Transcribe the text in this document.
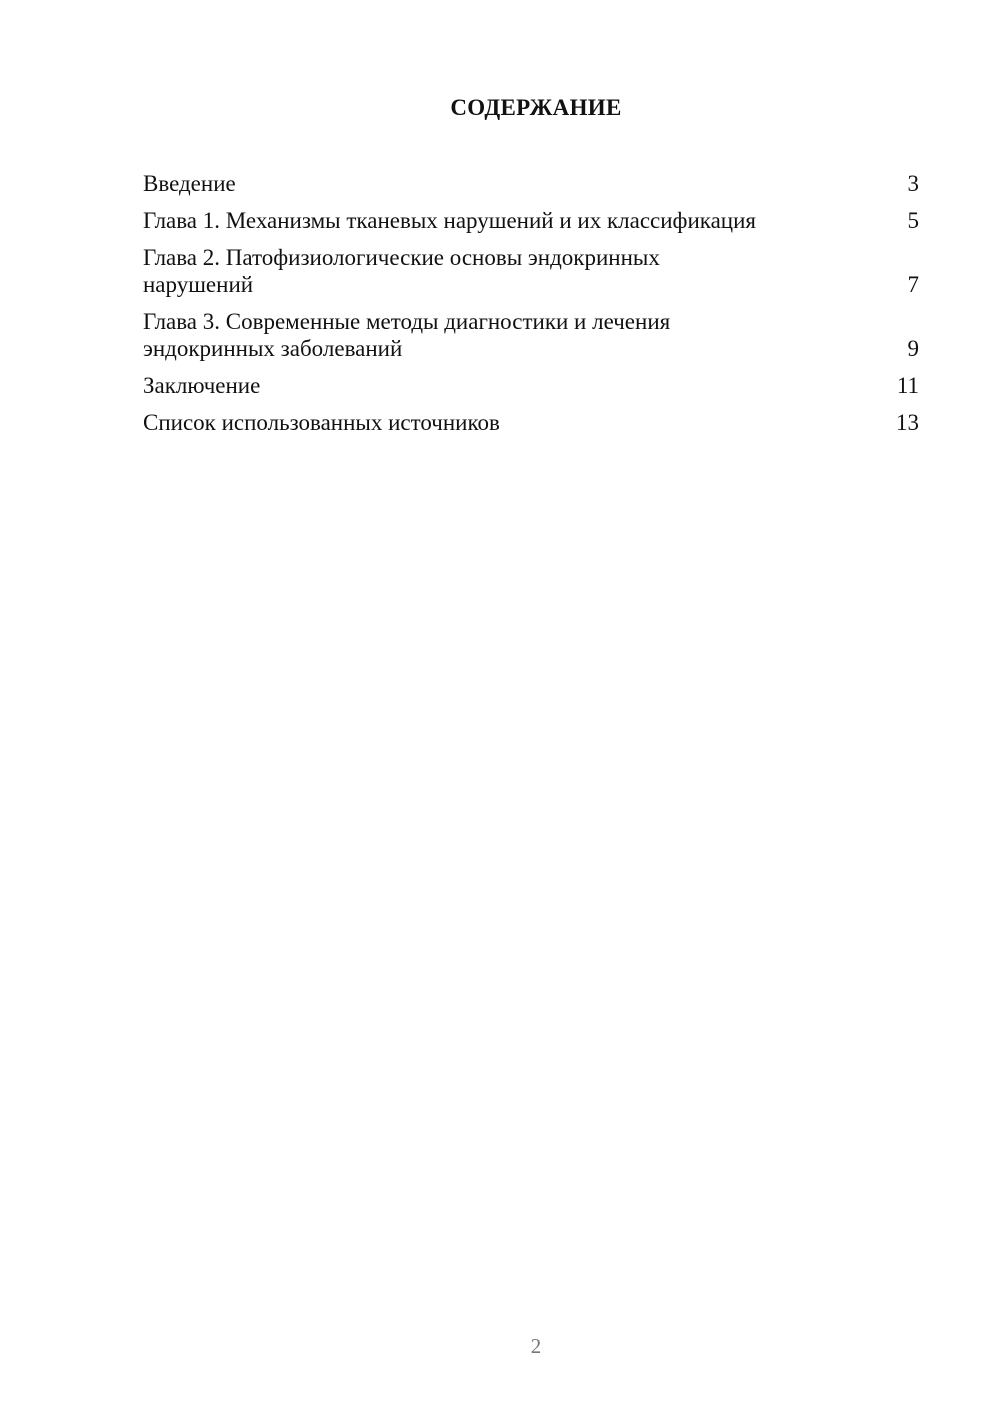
СОДЕРЖАНИЕ
Введение	3
Глава 1. Механизмы тканевых нарушений и их классификация	5
Глава 2. Патофизиологические основы эндокринных нарушений	7
Глава 3. Современные методы диагностики и лечения эндокринных заболеваний	9
Заключение	11
Список использованных источников	13
2
